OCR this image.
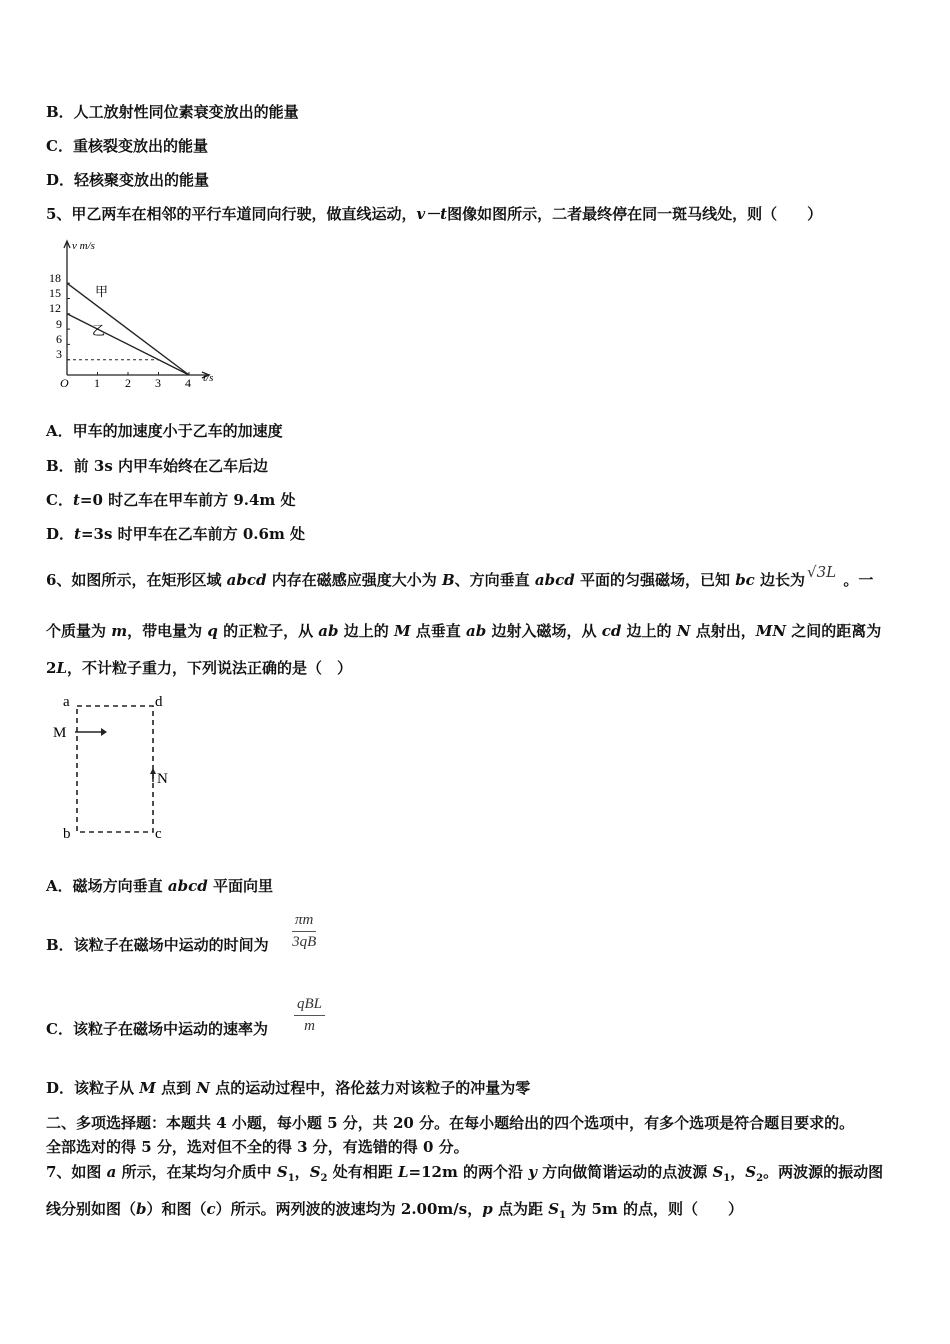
B．人工放射性同位素衰变放出的能量
C．重核裂变放出的能量
D．轻核聚变放出的能量
5、甲乙两车在相邻的平行车道同向行驶，做直线运动，v－t图像如图所示，二者最终停在同一斑马线处，则（　　）
v m/s
t/s
O
18
15
12
9
6
3
1 2 3 4
甲
乙
A．甲车的加速度小于乙车的加速度
B．前 3s 内甲车始终在乙车后边
C．t=0 时乙车在甲车前方 9.4m 处
D．t=3s 时甲车在乙车前方 0.6m 处
6、如图所示，在矩形区域 abcd 内存在磁感应强度大小为 B、方向垂直 abcd 平面的匀强磁场，已知 bc 边长为 √3L 。一
个质量为 m，带电量为 q 的正粒子，从 ab 边上的 M 点垂直 ab 边射入磁场，从 cd 边上的 N 点射出，MN 之间的距离为
2L，不计粒子重力，下列说法正确的是（　）
a	d
b	c
M
N
A．磁场方向垂直 abcd 平面向里
B．该粒子在磁场中运动的时间为 $\frac{\pi m}{3qB}$
C．该粒子在磁场中运动的速率为
qBL
m
D．该粒子从 M 点到 N 点的运动过程中，洛伦兹力对该粒子的冲量为零
二、多项选择题：本题共 4 小题，每小题 5 分，共 20 分。在每小题给出的四个选项中，有多个选项是符合题目要求的。
全部选对的得 5 分，选对但不全的得 3 分，有选错的得 0 分。
7、如图 a 所示，在某均匀介质中 $S_1$，$S_2$ 处有相距 L=12m 的两个沿 y 方向做简谐运动的点波源 $S_1$，$S_2$。两波源的振动图
线分别如图（b）和图（c）所示。两列波的波速均为 2.00m/s，p 点为距 $S_1$ 为 5m 的点，则（　　）
